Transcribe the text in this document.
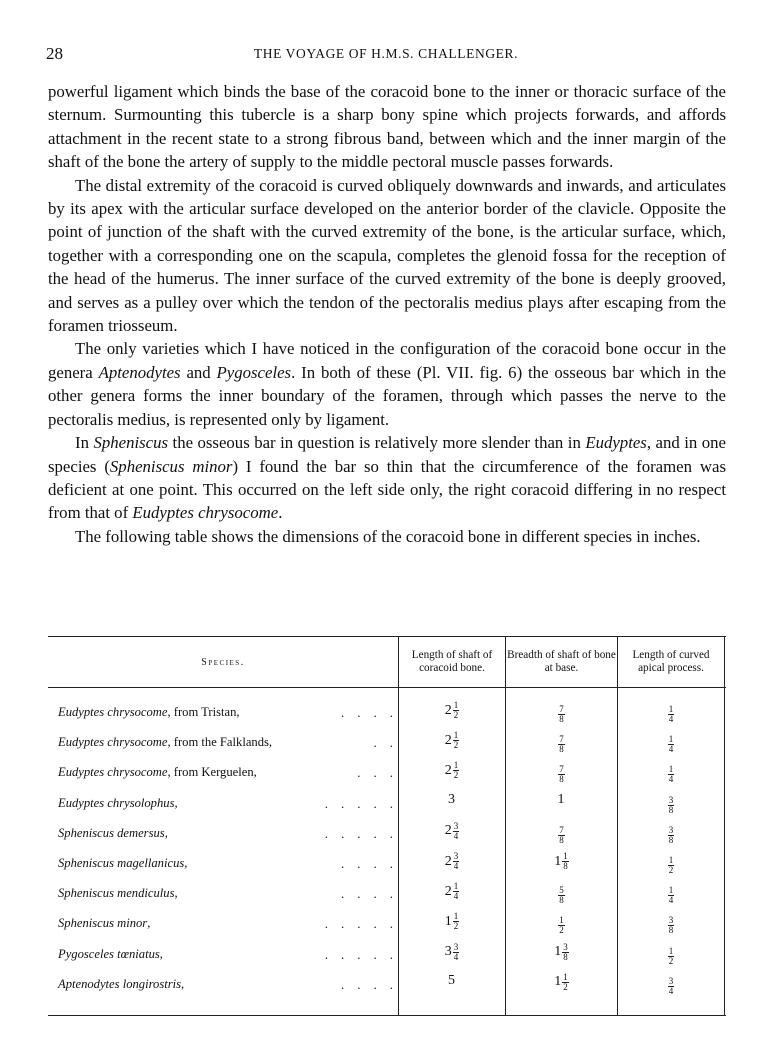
28	THE VOYAGE OF H.M.S. CHALLENGER.

powerful ligament which binds the base of the coracoid bone to the inner or thoracic surface of the sternum. Surmounting this tubercle is a sharp bony spine which projects forwards, and affords attachment in the recent state to a strong fibrous band, between which and the inner margin of the shaft of the bone the artery of supply to the middle pectoral muscle passes forwards.

The distal extremity of the coracoid is curved obliquely downwards and inwards, and articulates by its apex with the articular surface developed on the anterior border of the clavicle. Opposite the point of junction of the shaft with the curved extremity of the bone, is the articular surface, which, together with a corresponding one on the scapula, completes the glenoid fossa for the reception of the head of the humerus. The inner surface of the curved extremity of the bone is deeply grooved, and serves as a pulley over which the tendon of the pectoralis medius plays after escaping from the foramen triosseum.

The only varieties which I have noticed in the configuration of the coracoid bone occur in the genera Aptenodytes and Pygosceles. In both of these (Pl. VII. fig. 6) the osseous bar which in the other genera forms the inner boundary of the foramen, through which passes the nerve to the pectoralis medius, is represented only by ligament.

In Spheniscus the osseous bar in question is relatively more slender than in Eudyptes, and in one species (Spheniscus minor) I found the bar so thin that the circumference of the foramen was deficient at one point. This occurred on the left side only, the right coracoid differing in no respect from that of Eudyptes chrysocome.

The following table shows the dimensions of the coracoid bone in different species in inches.

Species.
Length of shaft of coracoid bone.
Breadth of shaft of bone at base.
Length of curved apical process.
Eudyptes chrysocome, from Tristan,	.    .    .    .	$2 \frac{1}{2}$	$\frac{7}{8}$	$\frac{1}{4}$
Eudyptes chrysocome, from the Falklands,	.    .	$2 \frac{1}{2}$	$\frac{7}{8}$	$\frac{1}{4}$
Eudyptes chrysocome, from Kerguelen,	.    .    .	$2 \frac{1}{2}$	$\frac{7}{8}$	$\frac{1}{4}$
Eudyptes chrysolophus,	.    .    .    .    .	3	1	$\frac{3}{8}$
Spheniscus demersus,	.    .    .    .    .	$2 \frac{3}{4}$	$\frac{7}{8}$	$\frac{3}{8}$
Spheniscus magellanicus,	.    .    .    .	$2 \frac{3}{4}$	$1 \frac{1}{8}$	$\frac{1}{2}$
Spheniscus mendiculus,	.    .    .    .	$2 \frac{1}{4}$	$\frac{5}{8}$	$\frac{1}{4}$
Spheniscus minor,	.    .    .    .    .	$1 \frac{1}{2}$	$\frac{1}{2}$	$\frac{3}{8}$
Pygosceles tœniatus,	.    .    .    .    .	$3 \frac{3}{4}$	$1 \frac{3}{8}$	$\frac{1}{2}$
Aptenodytes longirostris,	.    .    .    .	5	$1 \frac{1}{2}$	$\frac{3}{4}$
